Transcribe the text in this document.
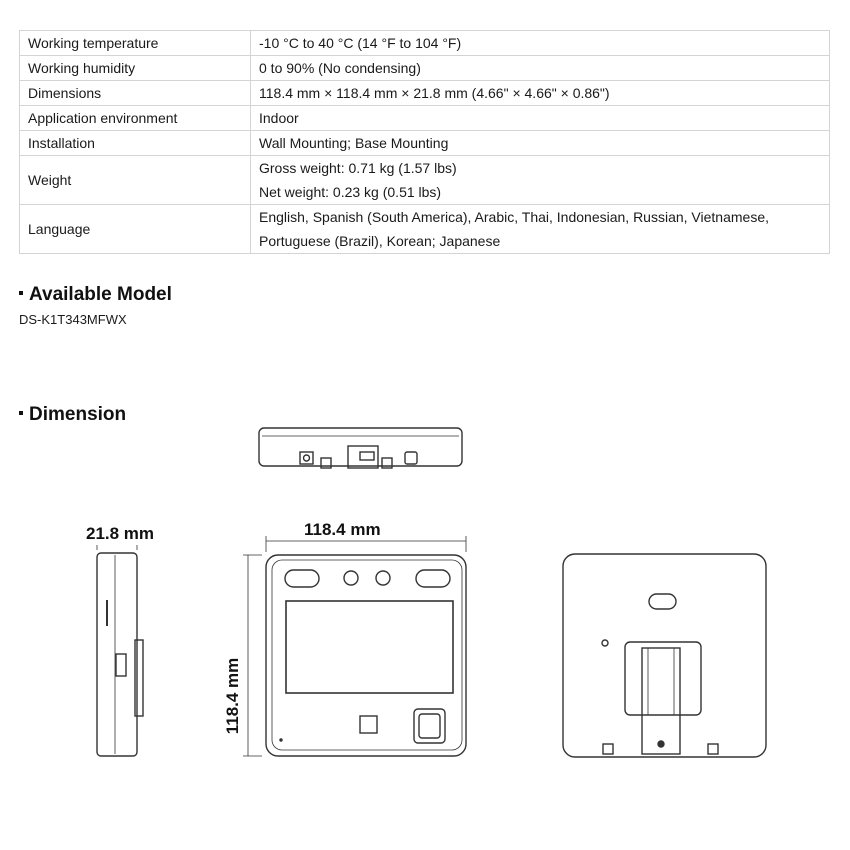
Working temperature	-10 °C to 40 °C (14 °F to 104 °F)

Working humidity	0 to 90% (No condensing)

Dimensions	118.4 mm × 118.4 mm × 21.8 mm (4.66" × 4.66" × 0.86")

Application environment	Indoor

Installation	Wall Mounting; Base Mounting

Weight	Gross weight: 0.71 kg (1.57 lbs)
Net weight: 0.23 kg (0.51 lbs)

Language	English, Spanish (South America), Arabic, Thai, Indonesian, Russian, Vietnamese,
Portuguese (Brazil), Korean; Japanese
Available Model
DS-K1T343MFWX
Dimension
21.8 mm	118.4 mm
118.4 mm
